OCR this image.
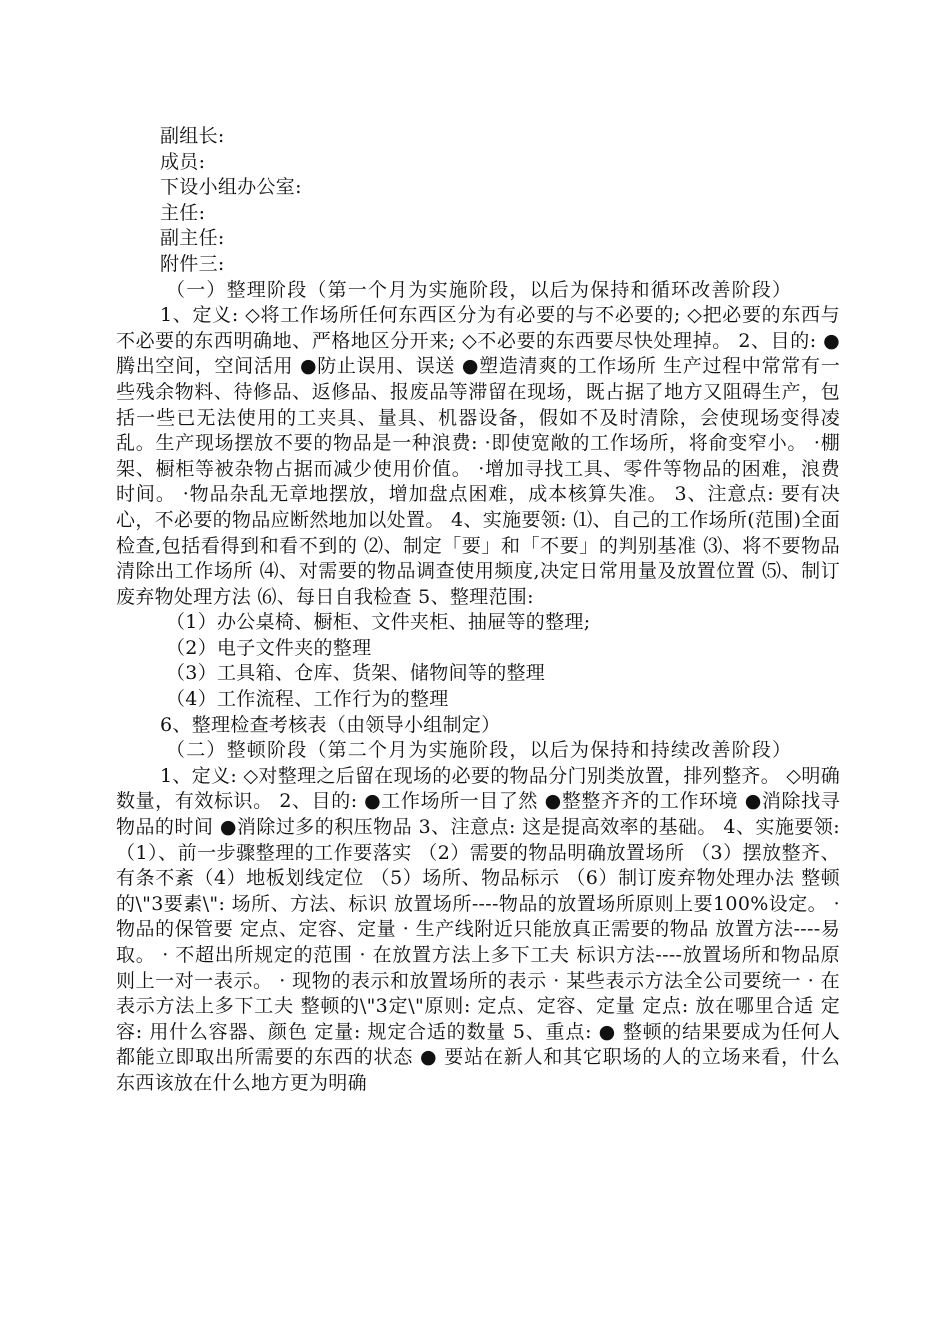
副组长:
成员:
下设小组办公室:
主任:
副主任:
附件三:
（一）整理阶段（第一个月为实施阶段，以后为保持和循环改善阶段）
1、定义: ◇将工作场所任何东西区分为有必要的与不必要的; ◇把必要的东西与不必要的东西明确地、严格地区分开来; ◇不必要的东西要尽快处理掉。 2、目的: ●腾出空间，空间活用 ●防止误用、误送 ●塑造清爽的工作场所 生产过程中常常有一些残余物料、待修品、返修品、报废品等滞留在现场，既占据了地方又阻碍生产，包括一些已无法使用的工夹具、量具、机器设备，假如不及时清除，会使现场变得凌乱。生产现场摆放不要的物品是一种浪费: ·即使宽敞的工作场所，将俞变窄小。 ·棚架、橱柜等被杂物占据而减少使用价值。 ·增加寻找工具、零件等物品的困难，浪费时间。 ·物品杂乱无章地摆放，增加盘点困难，成本核算失准。 3、注意点: 要有决心，不必要的物品应断然地加以处置。 4、实施要领: ⑴、自己的工作场所(范围)全面检查,包括看得到和看不到的 ⑵、制定「要」和「不要」的判别基准 ⑶、将不要物品清除出工作场所 ⑷、对需要的物品调查使用频度,决定日常用量及放置位置 ⑸、制订废弃物处理方法 ⑹、每日自我检查 5、整理范围:
（1）办公桌椅、橱柜、文件夹柜、抽屉等的整理;
（2）电子文件夹的整理
（3）工具箱、仓库、货架、储物间等的整理
（4）工作流程、工作行为的整理
6、整理检查考核表（由领导小组制定）
（二）整顿阶段（第二个月为实施阶段，以后为保持和持续改善阶段）
1、定义: ◇对整理之后留在现场的必要的物品分门别类放置，排列整齐。 ◇明确数量，有效标识。 2、目的: ●工作场所一目了然 ●整整齐齐的工作环境 ●消除找寻物品的时间 ●消除过多的积压物品 3、注意点: 这是提高效率的基础。 4、实施要领: （1）、前一步骤整理的工作要落实 （2）需要的物品明确放置场所 （3）摆放整齐、有条不紊（4）地板划线定位 （5）场所、物品标示 （6）制订废弃物处理办法 整顿的\"3要素\": 场所、方法、标识 放置场所----物品的放置场所原则上要100%设定。 · 物品的保管要 定点、定容、定量 · 生产线附近只能放真正需要的物品 放置方法----易取。 · 不超出所规定的范围 · 在放置方法上多下工夫 标识方法----放置场所和物品原则上一对一表示。 · 现物的表示和放置场所的表示 · 某些表示方法全公司要统一 · 在表示方法上多下工夫 整顿的\"3定\"原则: 定点、定容、定量 定点: 放在哪里合适 定容: 用什么容器、颜色 定量: 规定合适的数量 5、重点: ● 整顿的结果要成为任何人都能立即取出所需要的东西的状态 ● 要站在新人和其它职场的人的立场来看，什么东西该放在什么地方更为明确
